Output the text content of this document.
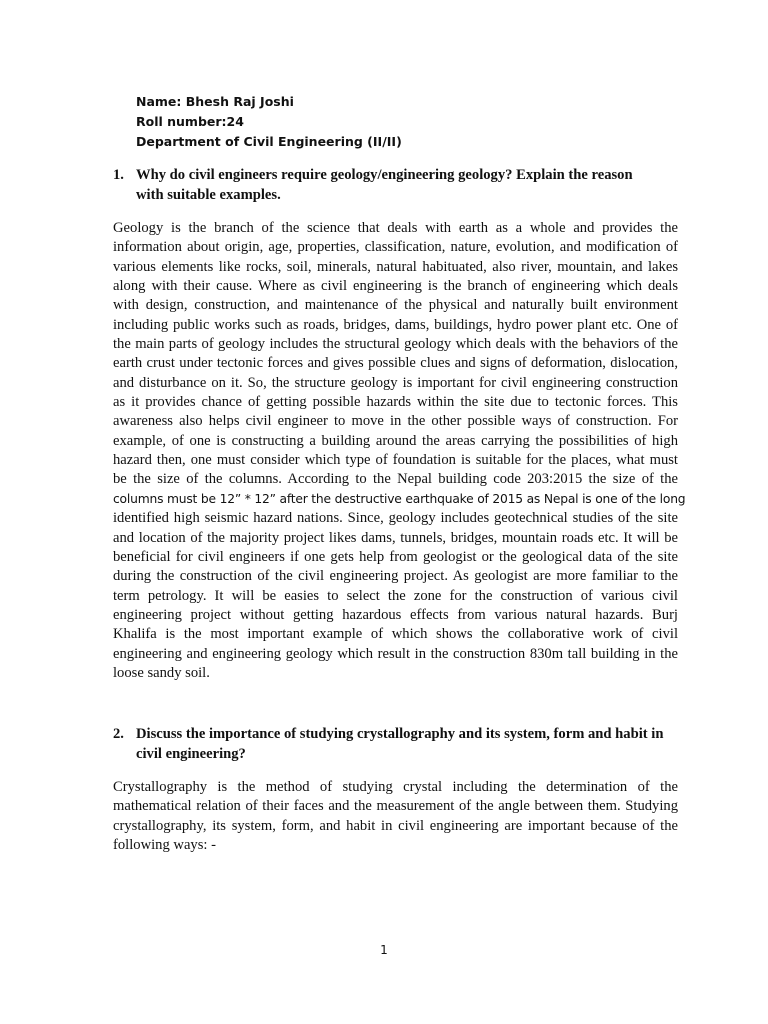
Name: Bhesh Raj Joshi
Roll number:24
Department of Civil Engineering (II/II)
1. Why do civil engineers require geology/engineering geology? Explain the reason
with suitable examples.
Geology is the branch of the science that deals with earth as a whole and provides the
information about origin, age, properties, classification, nature, evolution, and modification of
various elements like rocks, soil, minerals, natural habituated, also river, mountain, and lakes
along with their cause. Where as civil engineering is the branch of engineering which deals
with design, construction, and maintenance of the physical and naturally built environment
including public works such as roads, bridges, dams, buildings, hydro power plant etc. One of
the main parts of geology includes the structural geology which deals with the behaviors of the
earth crust under tectonic forces and gives possible clues and signs of deformation, dislocation,
and disturbance on it. So, the structure geology is important for civil engineering construction
as it provides chance of getting possible hazards within the site due to tectonic forces. This
awareness also helps civil engineer to move in the other possible ways of construction. For
example, of one is constructing a building around the areas carrying the possibilities of high
hazard then, one must consider which type of foundation is suitable for the places, what must
be the size of the columns. According to the Nepal building code 203:2015 the size of the
columns must be 12” * 12” after the destructive earthquake of 2015 as Nepal is one of the long
identified high seismic hazard nations. Since, geology includes geotechnical studies of the site
and location of the majority project likes dams, tunnels, bridges, mountain roads etc. It will be
beneficial for civil engineers if one gets help from geologist or the geological data of the site
during the construction of the civil engineering project. As geologist are more familiar to the
term petrology. It will be easies to select the zone for the construction of various civil
engineering project without getting hazardous effects from various natural hazards. Burj
Khalifa is the most important example of which shows the collaborative work of civil
engineering and engineering geology which result in the construction 830m tall building in the
loose sandy soil.
2. Discuss the importance of studying crystallography and its system, form and habit in
civil engineering?
Crystallography is the method of studying crystal including the determination of the
mathematical relation of their faces and the measurement of the angle between them. Studying
crystallography, its system, form, and habit in civil engineering are important because of the
following ways: -
1
